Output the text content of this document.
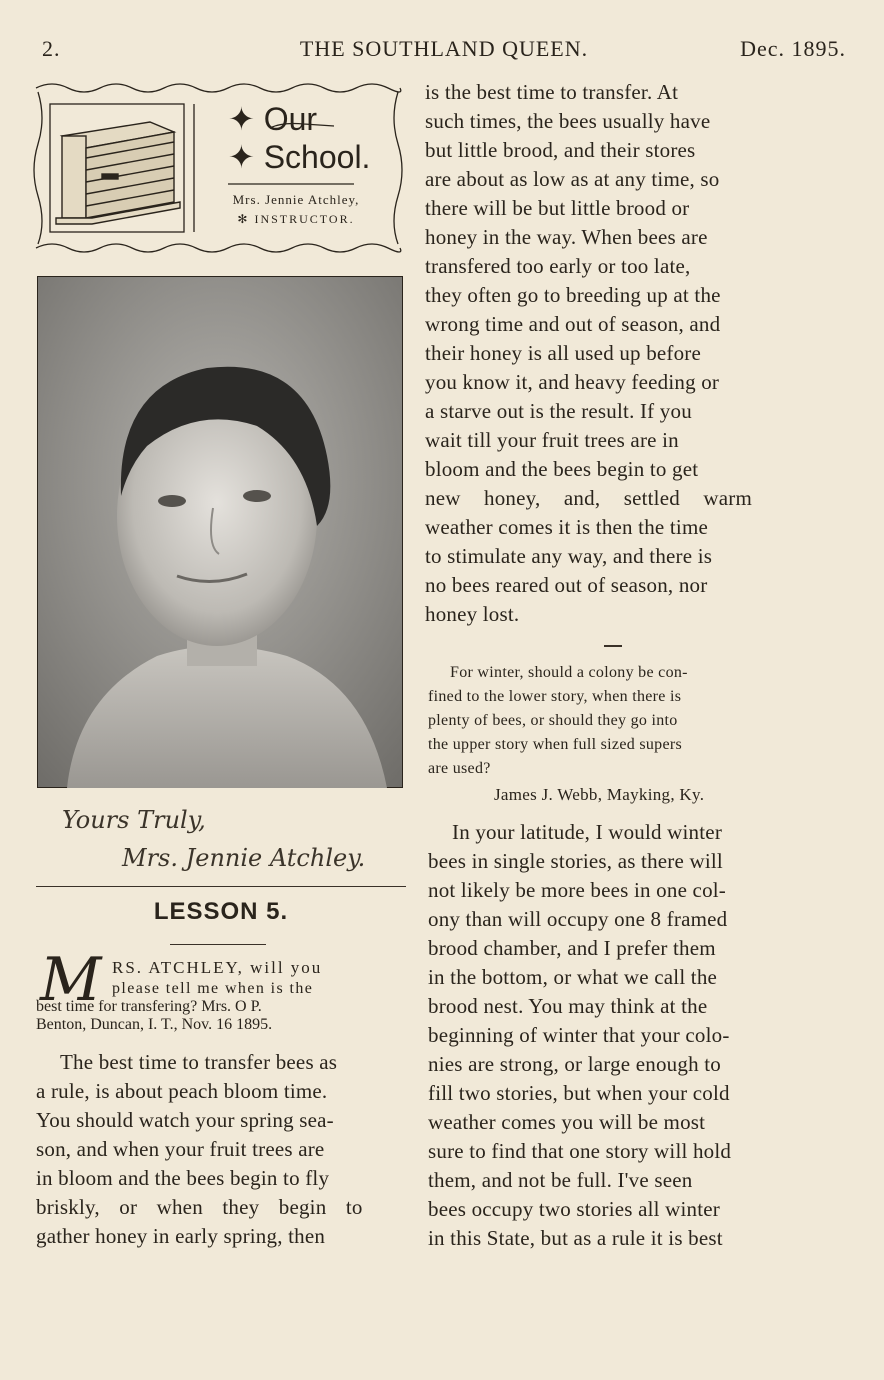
2.	THE SOUTHLAND QUEEN.	Dec. 1895.
✦ Our
✦ School.
Mrs. Jennie Atchley,
✻ INSTRUCTOR.
Yours Truly,
Mrs. Jennie Atchley.
LESSON 5.
M RS. ATCHLEY, will you
please tell me when is the
best time for transfering? Mrs. O P.
Benton, Duncan, I. T., Nov. 16 1895.
The best time to transfer bees as
a rule, is about peach bloom time.
You should watch your spring sea-
son, and when your fruit trees are
in bloom and the bees begin to fly
briskly, or when they begin to
gather honey in early spring, then
is the best time to transfer. At
such times, the bees usually have
but little brood, and their stores
are about as low as at any time, so
there will be but little brood or
honey in the way. When bees are
transfered too early or too late,
they often go to breeding up at the
wrong time and out of season, and
their honey is all used up before
you know it, and heavy feeding or
a starve out is the result. If you
wait till your fruit trees are in
bloom and the bees begin to get
new honey, and, settled warm
weather comes it is then the time
to stimulate any way, and there is
no bees reared out of season, nor
honey lost.
For winter, should a colony be con-
fined to the lower story, when there is
plenty of bees, or should they go into
the upper story when full sized supers
are used?
James J. Webb, Mayking, Ky.
In your latitude, I would winter
bees in single stories, as there will
not likely be more bees in one col-
ony than will occupy one 8 framed
brood chamber, and I prefer them
in the bottom, or what we call the
brood nest. You may think at the
beginning of winter that your colo-
nies are strong, or large enough to
fill two stories, but when your cold
weather comes you will be most
sure to find that one story will hold
them, and not be full. I've seen
bees occupy two stories all winter
in this State, but as a rule it is best
